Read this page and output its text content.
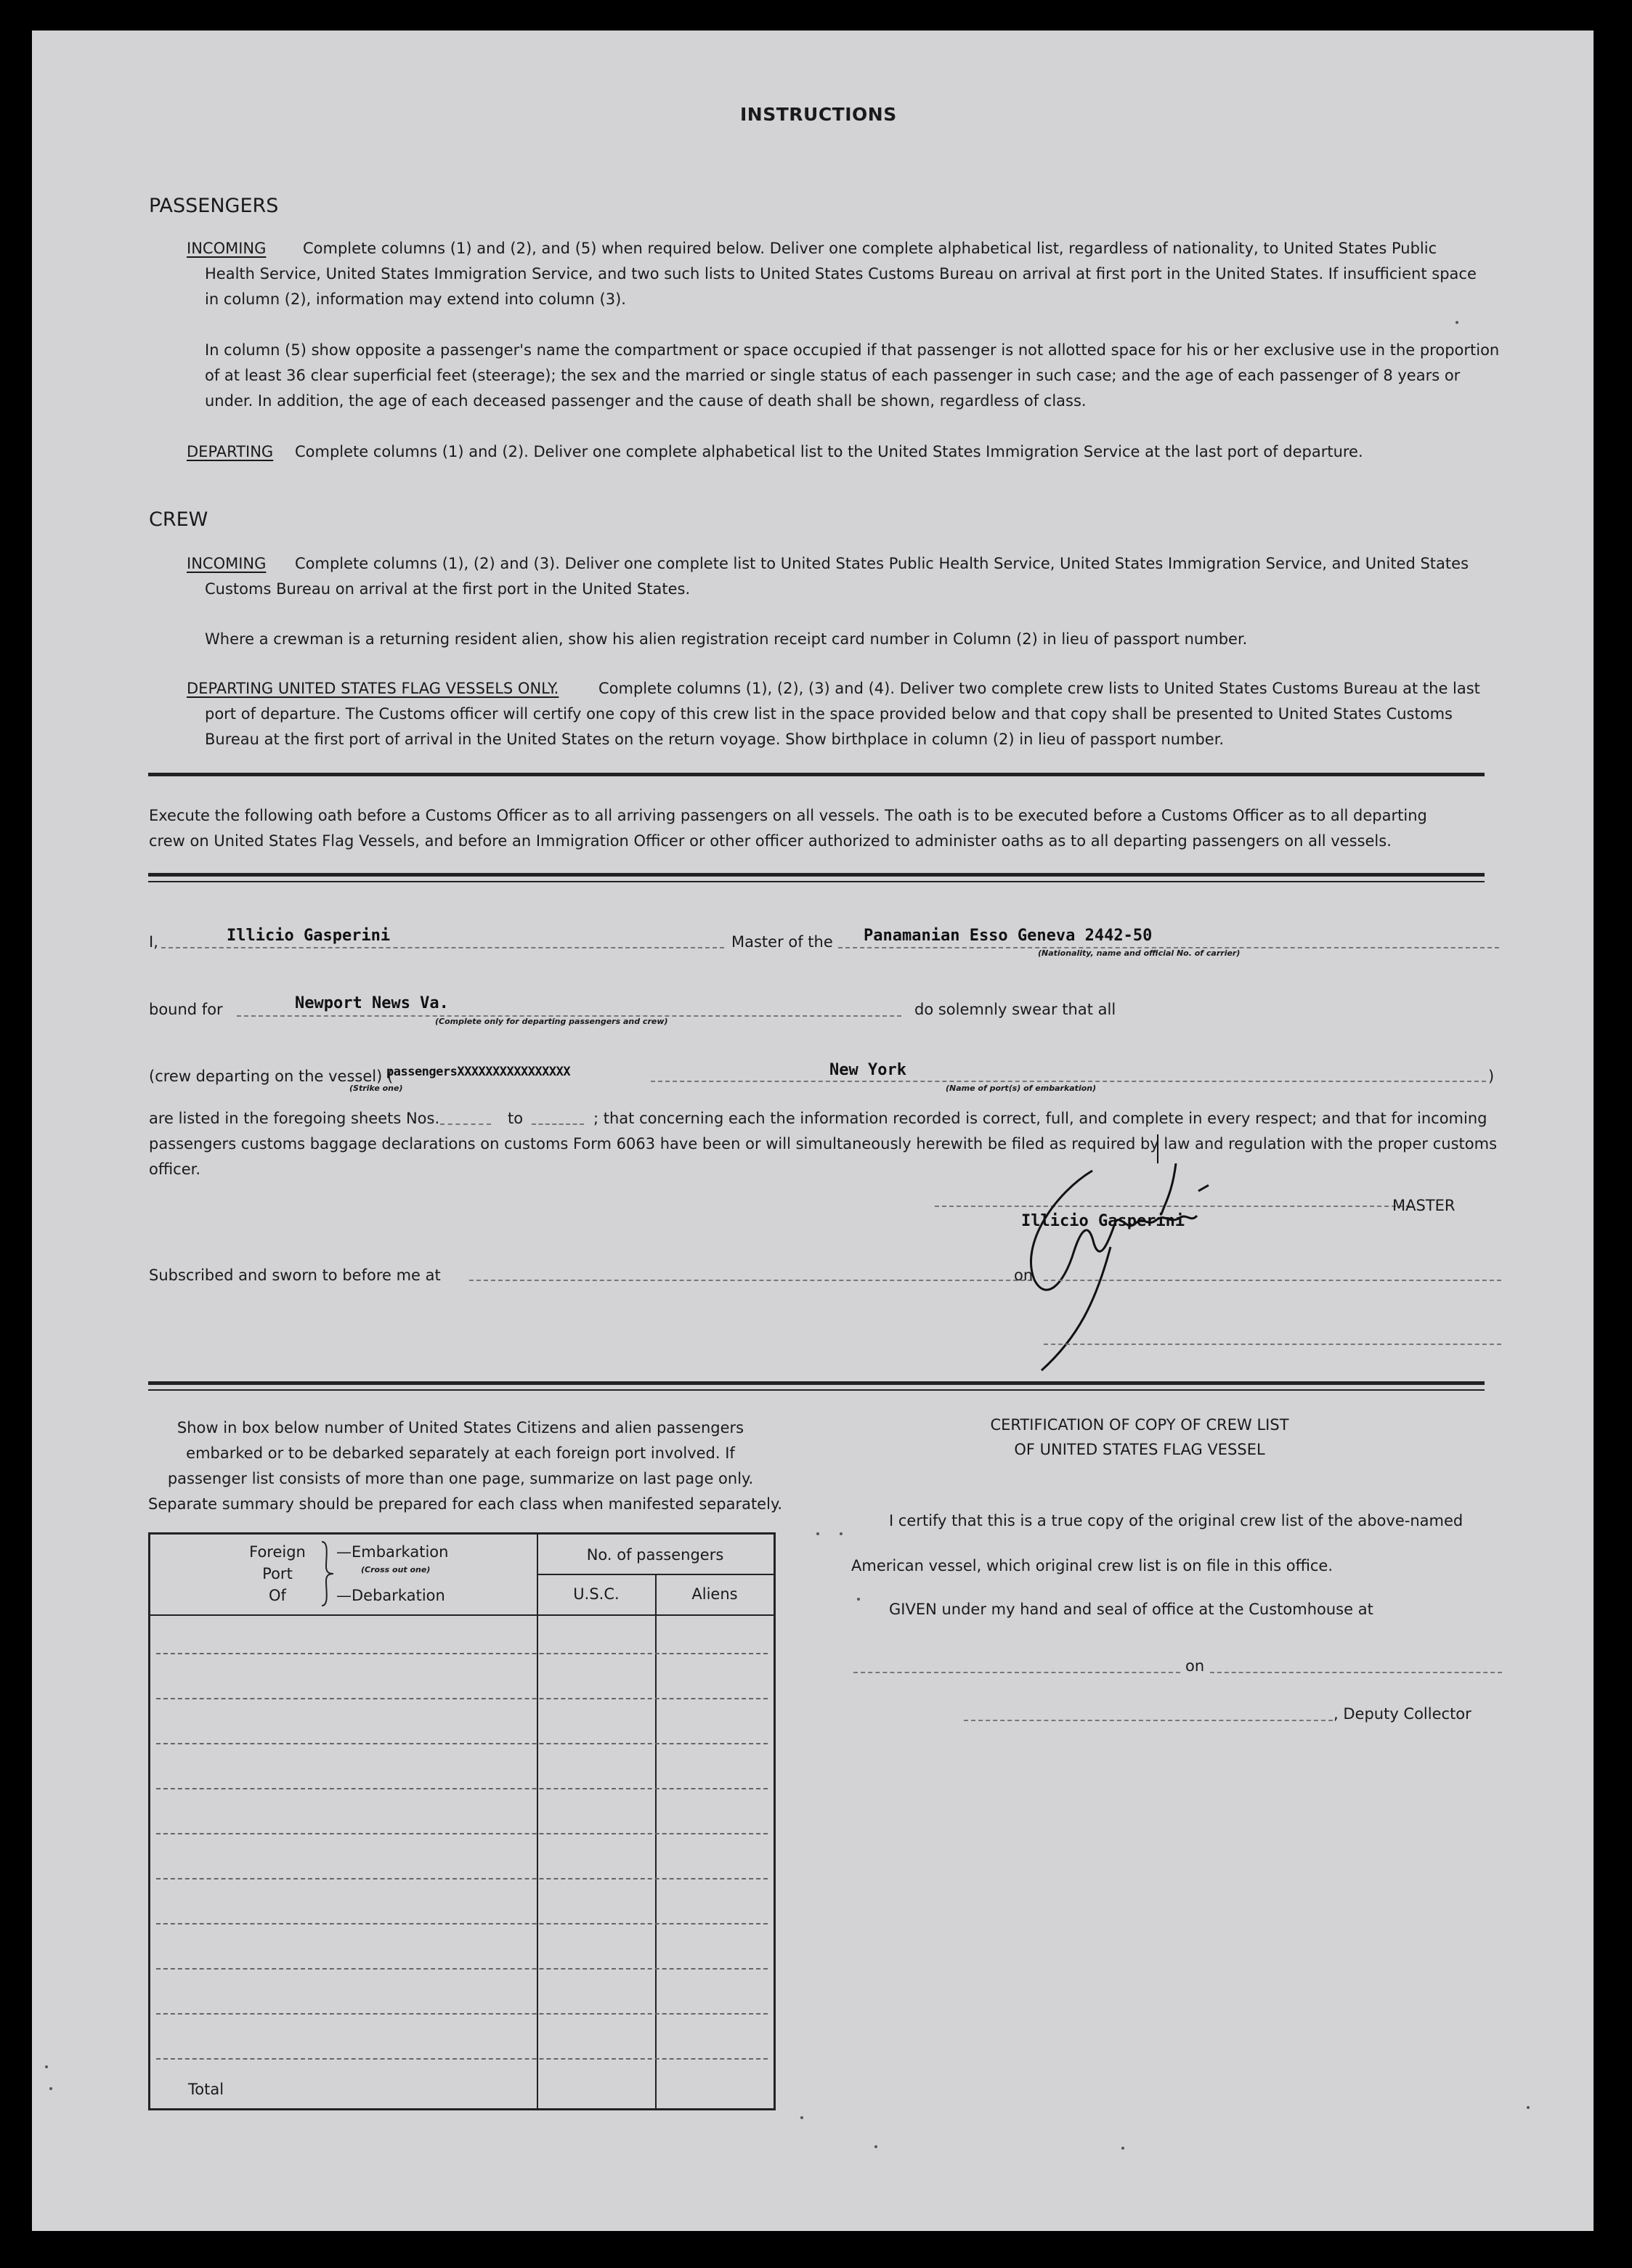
INSTRUCTIONS
PASSENGERS
INCOMING Complete columns (1) and (2), and (5) when required below. Deliver one complete alphabetical list, regardless of nationality, to United States Public
Health Service, United States Immigration Service, and two such lists to United States Customs Bureau on arrival at first port in the United States. If insufficient space
in column (2), information may extend into column (3).
In column (5) show opposite a passenger's name the compartment or space occupied if that passenger is not allotted space for his or her exclusive use in the proportion
of at least 36 clear superficial feet (steerage); the sex and the married or single status of each passenger in such case; and the age of each passenger of 8 years or
under. In addition, the age of each deceased passenger and the cause of death shall be shown, regardless of class.
DEPARTING Complete columns (1) and (2). Deliver one complete alphabetical list to the United States Immigration Service at the last port of departure.
CREW
INCOMING Complete columns (1), (2) and (3). Deliver one complete list to United States Public Health Service, United States Immigration Service, and United States
Customs Bureau on arrival at the first port in the United States.
Where a crewman is a returning resident alien, show his alien registration receipt card number in Column (2) in lieu of passport number.
DEPARTING UNITED STATES FLAG VESSELS ONLY.	Complete columns (1), (2), (3) and (4). Deliver two complete crew lists to United States Customs Bureau at the last
port of departure. The Customs officer will certify one copy of this crew list in the space provided below and that copy shall be presented to United States Customs
Bureau at the first port of arrival in the United States on the return voyage. Show birthplace in column (2) in lieu of passport number.
Execute the following oath before a Customs Officer as to all arriving passengers on all vessels. The oath is to be executed before a Customs Officer as to all departing
crew on United States Flag Vessels, and before an Immigration Officer or other officer authorized to administer oaths as to all departing passengers on all vessels.
I,	Illicio Gasperini	Master of the Panamanian Esso Geneva 2442-50
(Nationality, name and official No. of carrier)
bound for	Newport News Va.
(Complete only for departing passengers and crew)
do solemnly swear that all
(crew departing on the vessel) (
(Strike one)
passengersXXXXXXXXXXXXXXXX	New York
(Name of port(s) of embarkation)
)
are listed in the foregoing sheets Nos.	to	; that concerning each the information recorded is correct, full, and complete in every respect; and that for incoming
passengers customs baggage declarations on customs Form 6063 have been or will simultaneously herewith be filed as required by law and regulation with the proper customs
officer.
Illicio Gasperini
MASTER
Subscribed and sworn to before me at	on
Show in box below number of United States Citizens and alien passengers
embarked or to be debarked separately at each foreign port involved. If
passenger list consists of more than one page, summarize on last page only.
Separate summary should be prepared for each class when manifested separately.
Foreign
Port
Of
—Embarkation
(Cross out one)
—Debarkation
No. of passengers
U.S.C.	Aliens
Total
CERTIFICATION OF COPY OF CREW LIST
OF UNITED STATES FLAG VESSEL
I certify that this is a true copy of the original crew list of the above-named
American vessel, which original crew list is on file in this office.
GIVEN under my hand and seal of office at the Customhouse at
on
, Deputy Collector
